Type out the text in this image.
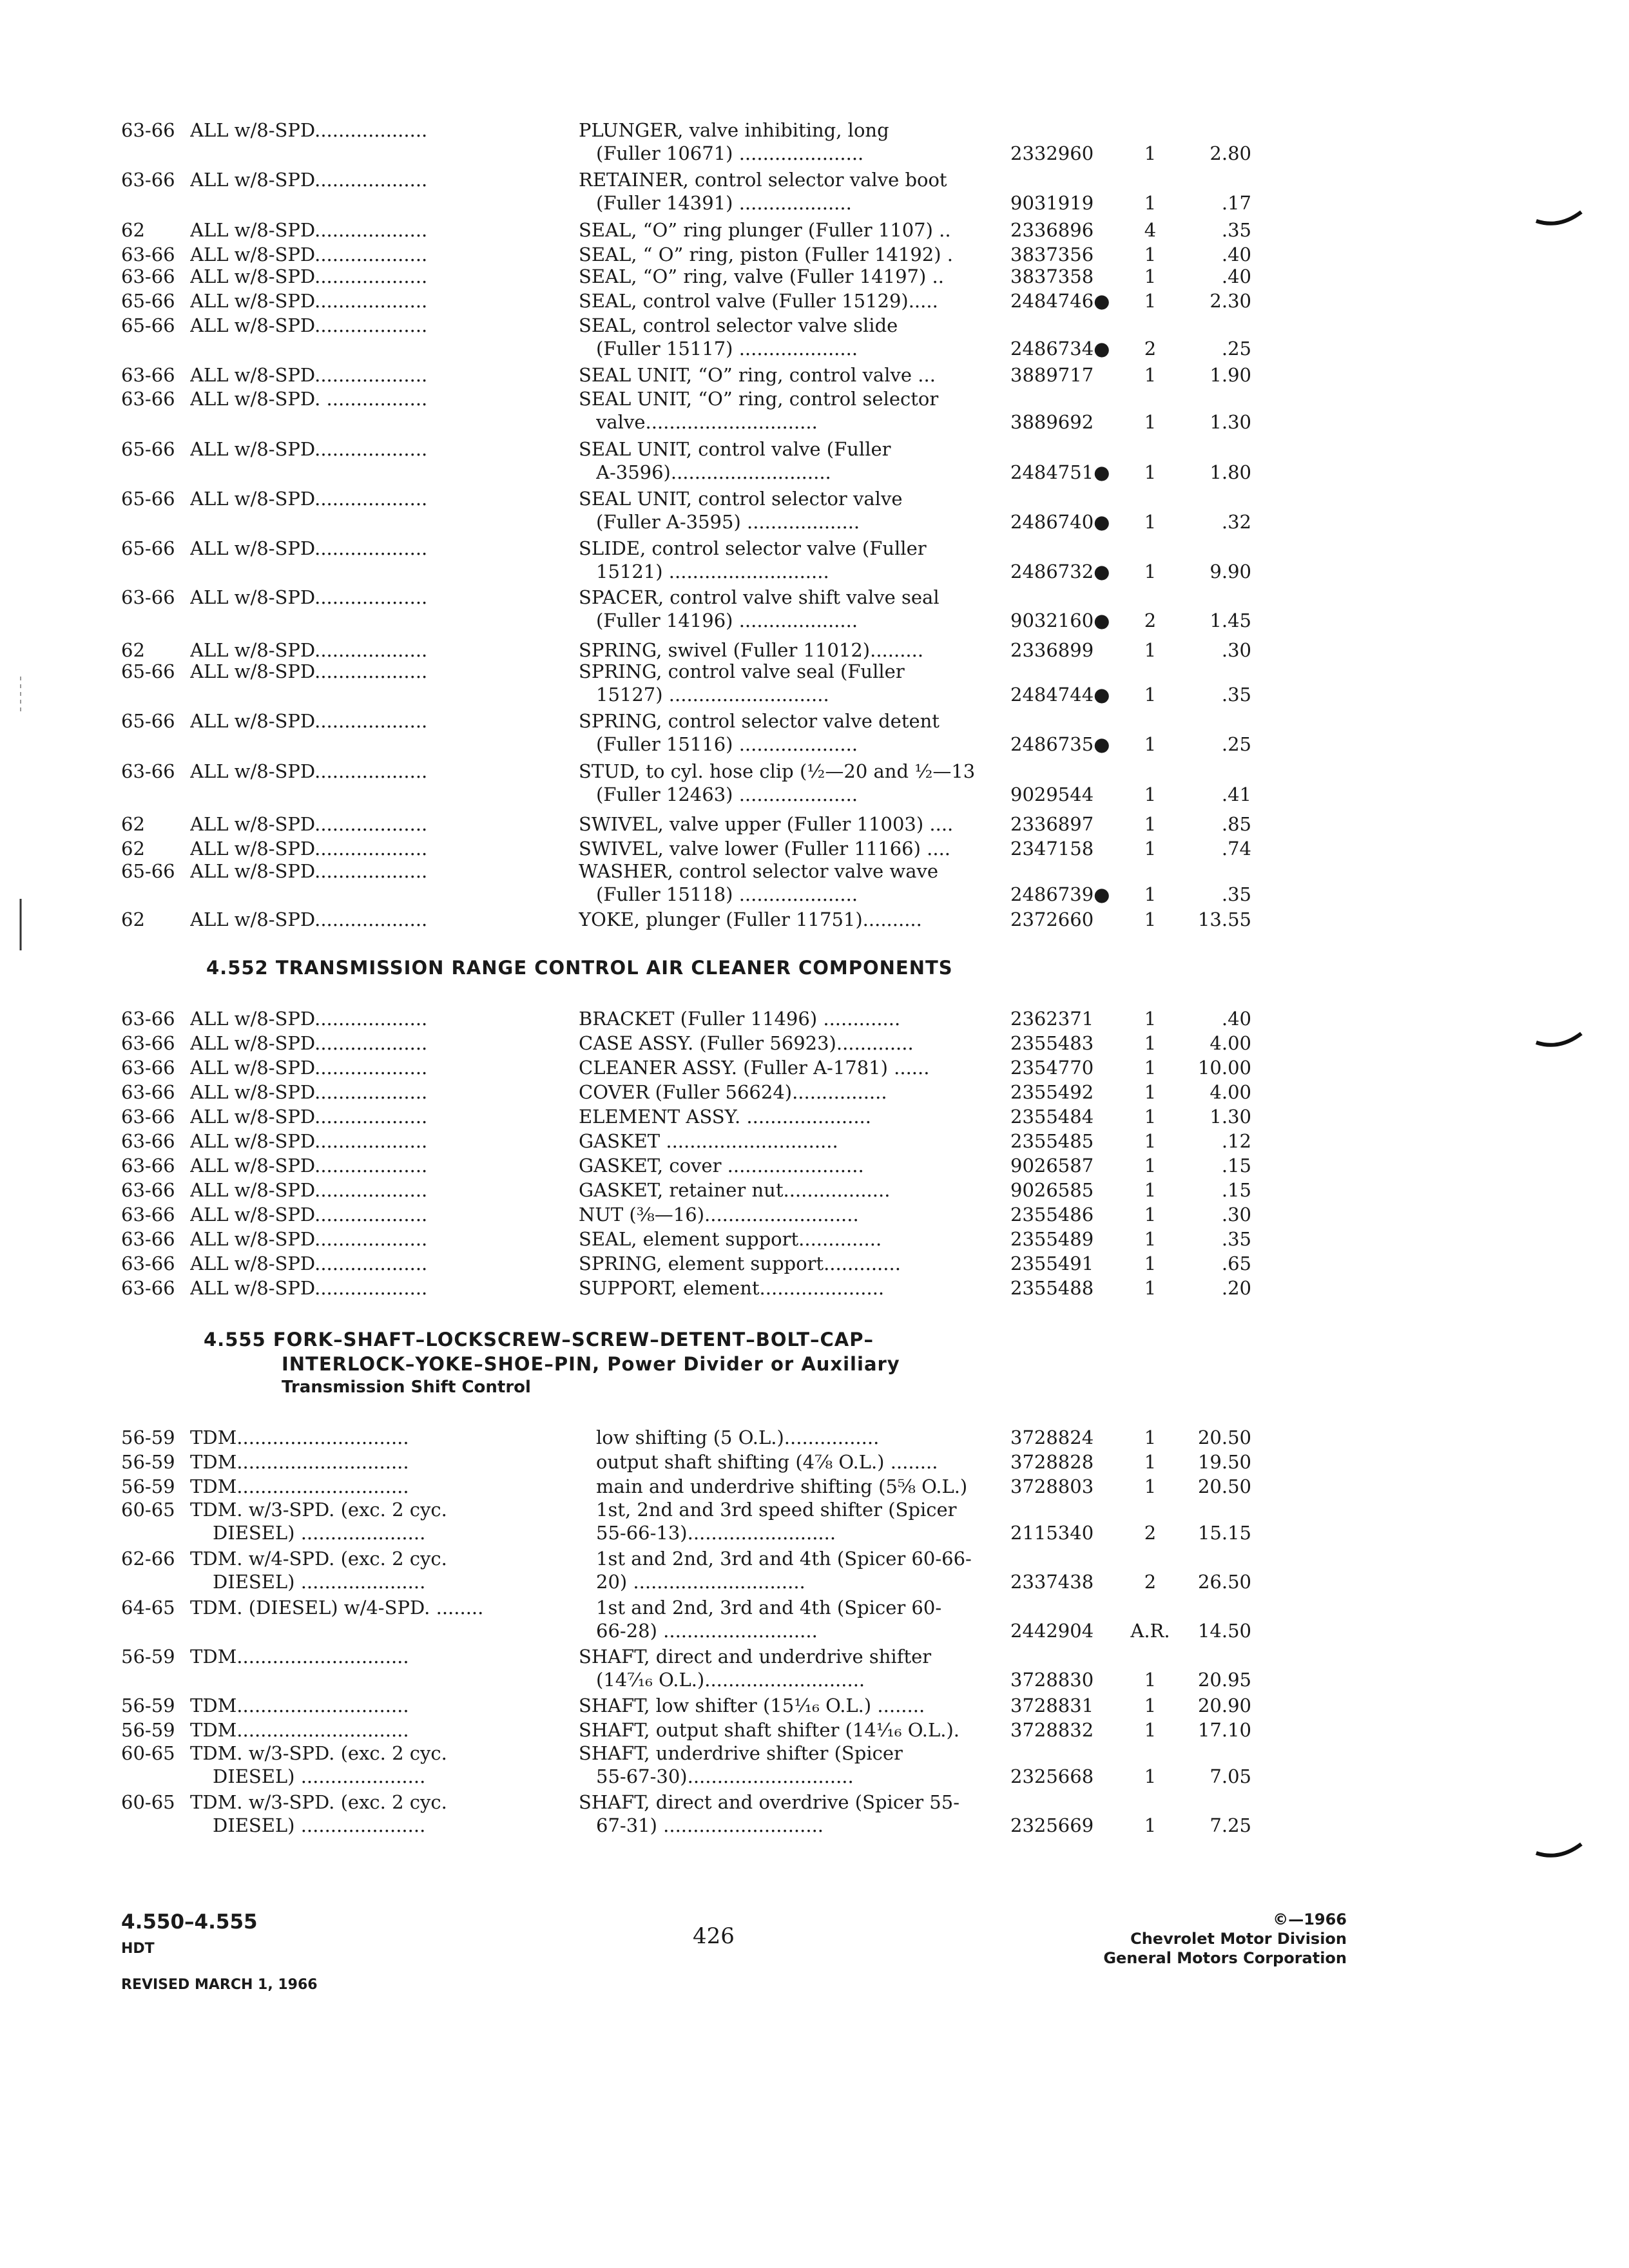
63-66 ALL w/8-SPD...................	PLUNGER, valve inhibiting, long
(Fuller 10671) .....................	2332960	1	2.80
63-66 ALL w/8-SPD...................	RETAINER, control selector valve boot
(Fuller 14391) ...................	9031919	1	.17
62	ALL w/8-SPD...................	SEAL, “O” ring plunger (Fuller 1107) ..	2336896	4	.35
63-66 ALL w/8-SPD...................	SEAL, “ O” ring, piston (Fuller 14192) .	3837356	1	.40
63-66 ALL w/8-SPD...................	SEAL, “O” ring, valve (Fuller 14197) ..	3837358	1	.40
65-66 ALL w/8-SPD...................	SEAL, control valve (Fuller 15129).....	2484746●	1	2.30
65-66 ALL w/8-SPD...................	SEAL, control selector valve slide
(Fuller 15117) ....................	2486734●	2	.25
63-66 ALL w/8-SPD...................	SEAL UNIT, “O” ring, control valve ...	3889717	1	1.90
63-66 ALL w/8-SPD. .................	SEAL UNIT, “O” ring, control selector
valve.............................	3889692	1	1.30
65-66 ALL w/8-SPD...................	SEAL UNIT, control valve (Fuller
A-3596)...........................	2484751●	1	1.80
65-66 ALL w/8-SPD...................	SEAL UNIT, control selector valve
(Fuller A-3595) ...................	2486740●	1	.32
65-66 ALL w/8-SPD...................	SLIDE, control selector valve (Fuller
15121) ...........................	2486732●	1	9.90
63-66 ALL w/8-SPD...................	SPACER, control valve shift valve seal
(Fuller 14196) ....................	9032160●	2	1.45
62	ALL w/8-SPD...................	SPRING, swivel (Fuller 11012).........	2336899	1	.30
65-66 ALL w/8-SPD...................	SPRING, control valve seal (Fuller
15127) ...........................	2484744●	1	.35
65-66 ALL w/8-SPD...................	SPRING, control selector valve detent
(Fuller 15116) ....................	2486735●	1	.25
63-66 ALL w/8-SPD...................	STUD, to cyl. hose clip (½—20 and ½—13
(Fuller 12463) ....................	9029544	1	.41
62	ALL w/8-SPD...................	SWIVEL, valve upper (Fuller 11003) ....	2336897	1	.85
62	ALL w/8-SPD...................	SWIVEL, valve lower (Fuller 11166) ....	2347158	1	.74
65-66 ALL w/8-SPD...................	WASHER, control selector valve wave
(Fuller 15118) ....................	2486739●	1	.35
62	ALL w/8-SPD...................	YOKE, plunger (Fuller 11751)..........	2372660	1	13.55
4.552 TRANSMISSION RANGE CONTROL AIR CLEANER COMPONENTS
63-66 ALL w/8-SPD...................	BRACKET (Fuller 11496) .............	2362371	1	.40
63-66 ALL w/8-SPD...................	CASE ASSY. (Fuller 56923).............	2355483	1	4.00
63-66 ALL w/8-SPD...................	CLEANER ASSY. (Fuller A-1781) ......	2354770	1	10.00
63-66 ALL w/8-SPD...................	COVER (Fuller 56624)................	2355492	1	4.00
63-66 ALL w/8-SPD...................	ELEMENT ASSY. .....................	2355484	1	1.30
63-66 ALL w/8-SPD...................	GASKET .............................	2355485	1	.12
63-66 ALL w/8-SPD...................	GASKET, cover .......................	9026587	1	.15
63-66 ALL w/8-SPD...................	GASKET, retainer nut..................	9026585	1	.15
63-66 ALL w/8-SPD...................	NUT (⅜—16)..........................	2355486	1	.30
63-66 ALL w/8-SPD...................	SEAL, element support..............	2355489	1	.35
63-66 ALL w/8-SPD...................	SPRING, element support.............	2355491	1	.65
63-66 ALL w/8-SPD...................	SUPPORT, element.....................	2355488	1	.20
4.555 FORK–SHAFT–LOCKSCREW–SCREW–DETENT–BOLT–CAP–
INTERLOCK–YOKE–SHOE–PIN, Power Divider or Auxiliary
Transmission Shift Control
56-59 TDM.............................	low shifting (5 O.L.)................	3728824	1	20.50
56-59 TDM.............................	output shaft shifting (4⅞ O.L.) ........	3728828	1	19.50
56-59 TDM.............................	main and underdrive shifting (5⅝ O.L.)	3728803	1	20.50
60-65 TDM. w/3-SPD. (exc. 2 cyc.	1st, 2nd and 3rd speed shifter (Spicer
DIESEL) .....................	55-66-13).........................	2115340	2	15.15
62-66 TDM. w/4-SPD. (exc. 2 cyc.	1st and 2nd, 3rd and 4th (Spicer 60-66-
DIESEL) .....................	20) .............................	2337438	2	26.50
64-65 TDM. (DIESEL) w/4-SPD. ........	1st and 2nd, 3rd and 4th (Spicer 60-
66-28) ..........................	2442904	A.R.	14.50
56-59 TDM.............................	SHAFT, direct and underdrive shifter
(14⁷⁄₁₆ O.L.)...........................	3728830	1	20.95
56-59 TDM.............................	SHAFT, low shifter (15¹⁄₁₆ O.L.) ........	3728831	1	20.90
56-59 TDM.............................	SHAFT, output shaft shifter (14¹⁄₁₆ O.L.).	3728832	1	17.10
60-65 TDM. w/3-SPD. (exc. 2 cyc.	SHAFT, underdrive shifter (Spicer
DIESEL) .....................	55-67-30)............................	2325668	1	7.05
60-65 TDM. w/3-SPD. (exc. 2 cyc.	SHAFT, direct and overdrive (Spicer 55-
DIESEL) .....................	67-31) ...........................	2325669	1	7.25
4.550–4.555
HDT
REVISED MARCH 1, 1966
426
©—1966
Chevrolet Motor Division
General Motors Corporation
